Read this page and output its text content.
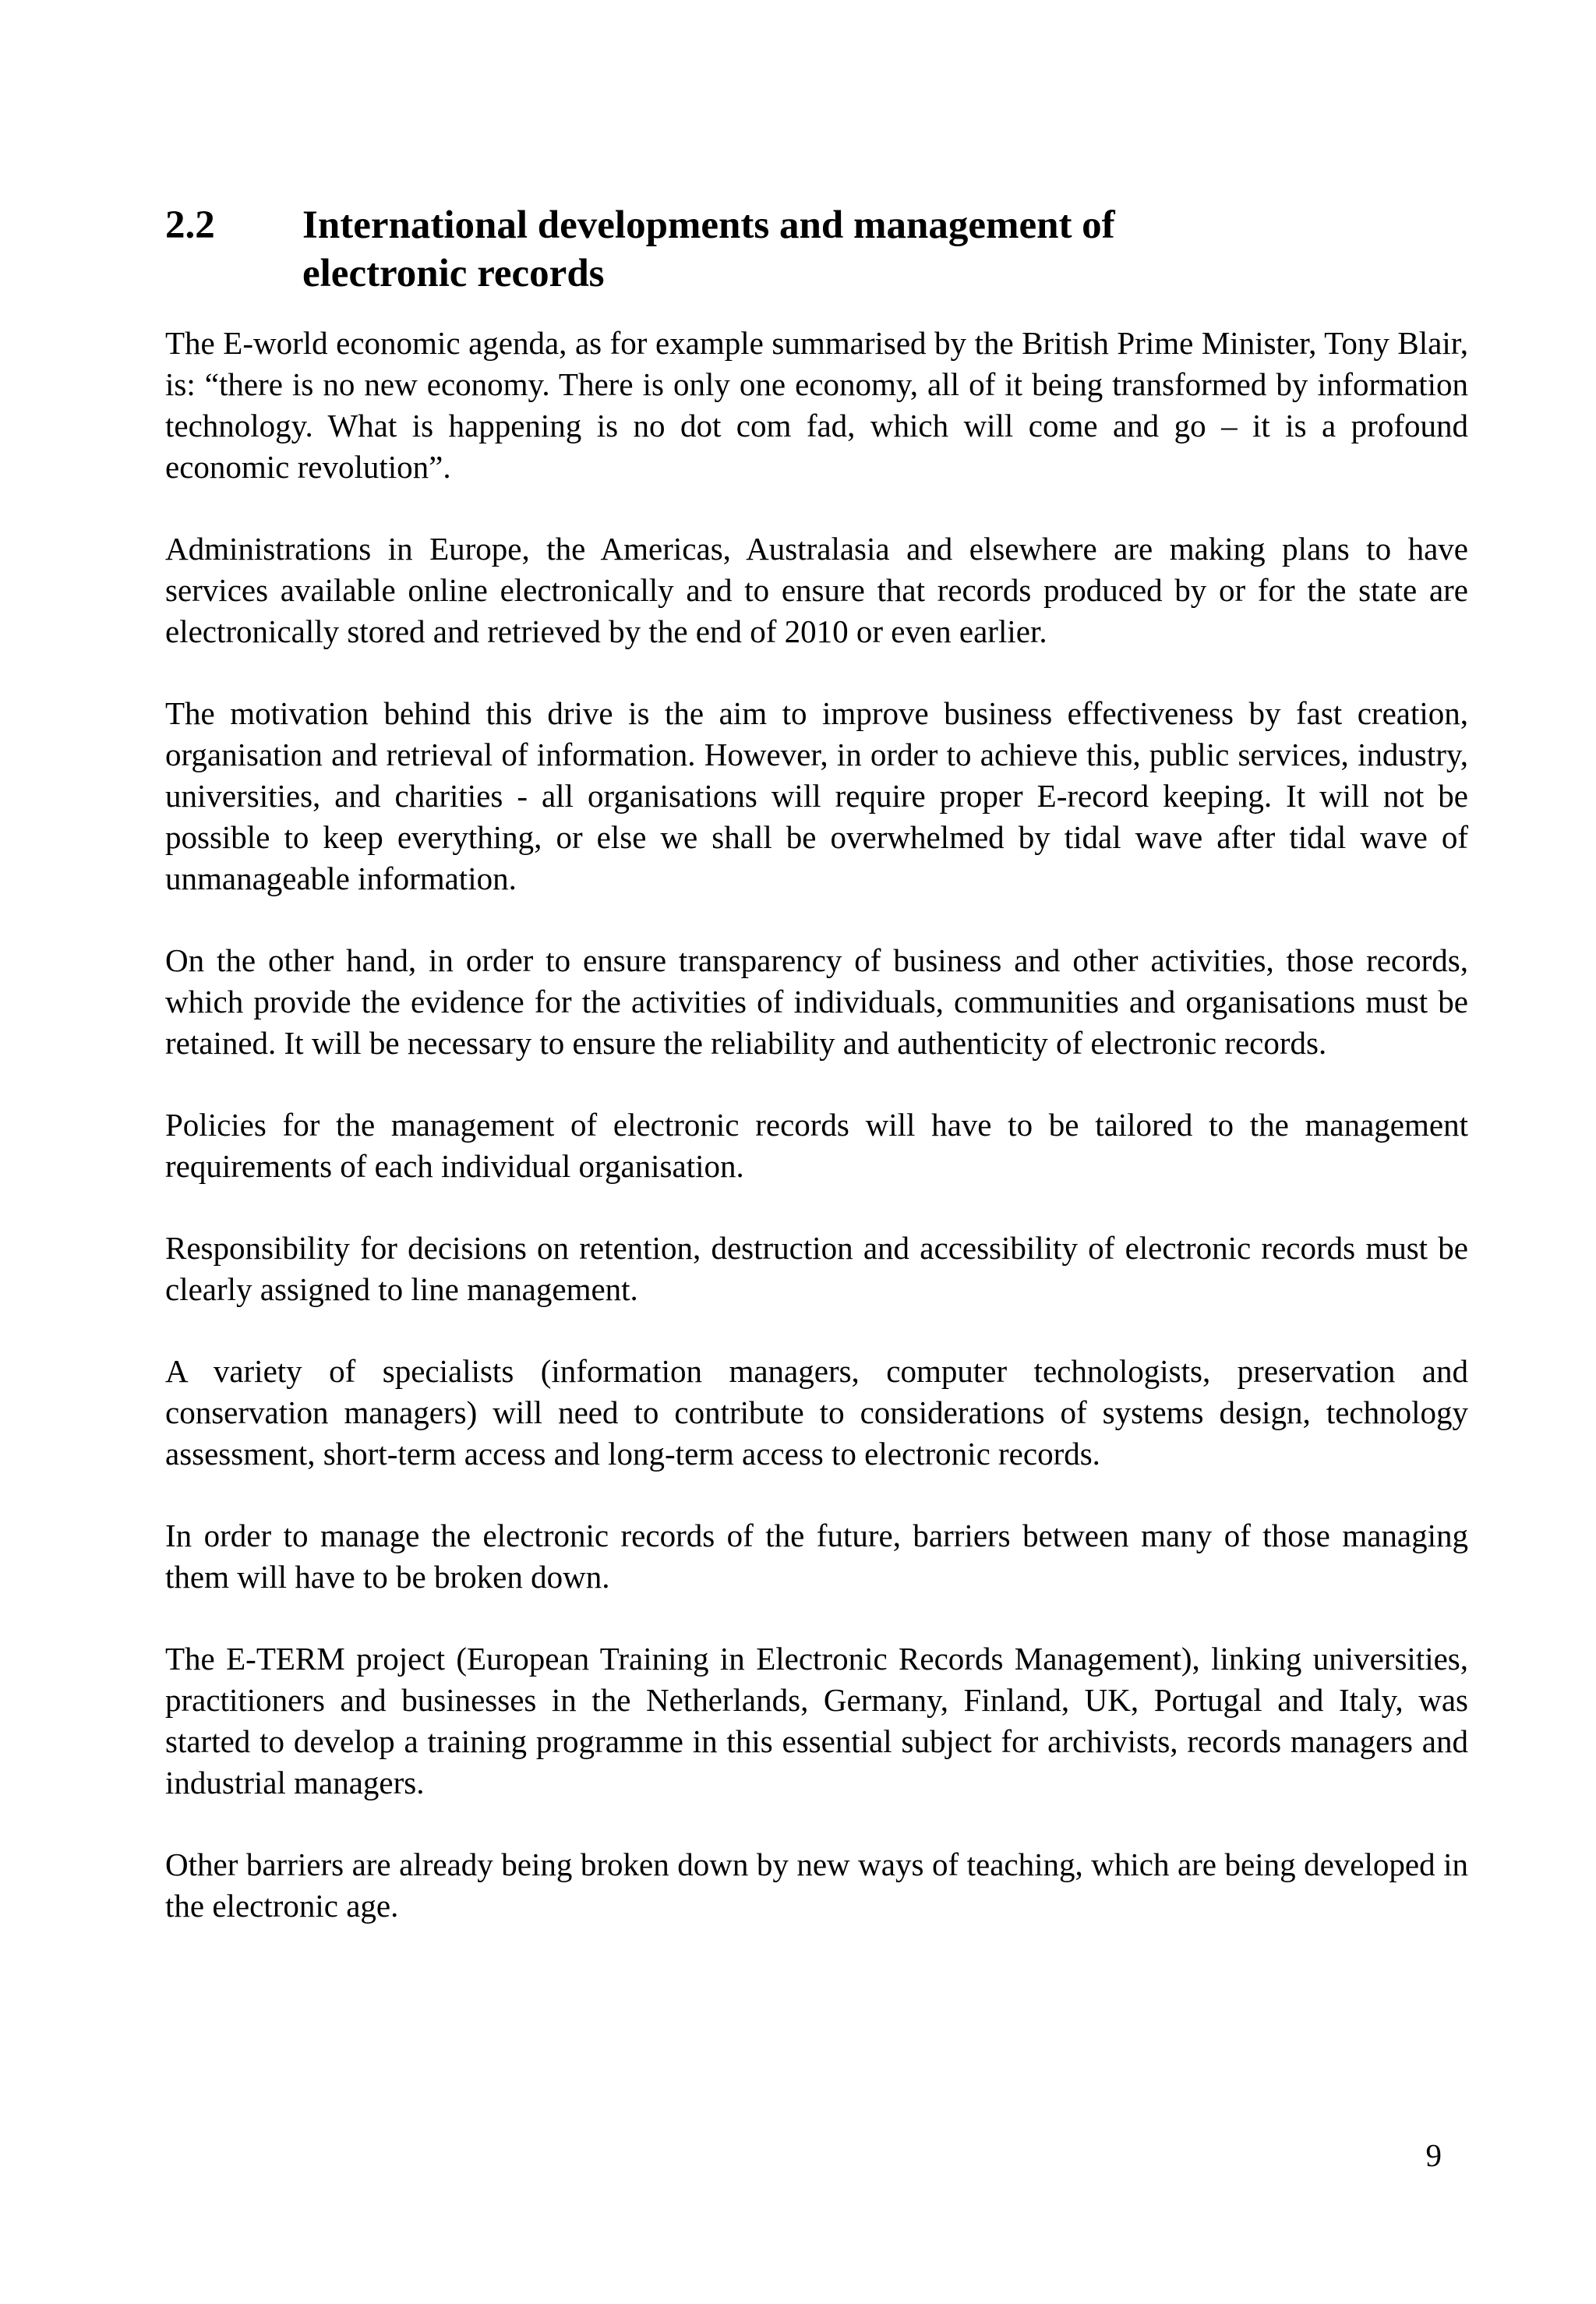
2.2	International developments and management of electronic records

The E-world economic agenda, as for example summarised by the British Prime Minister, Tony Blair, is: “there is no new economy. There is only one economy, all of it being transformed by information technology. What is happening is no dot com fad, which will come and go – it is a profound economic revolution”.

Administrations in Europe, the Americas, Australasia and elsewhere are making plans to have services available online electronically and to ensure that records produced by or for the state are electronically stored and retrieved by the end of 2010 or even earlier.

The motivation behind this drive is the aim to improve business effectiveness by fast creation, organisation and retrieval of information. However, in order to achieve this, public services, industry, universities, and charities - all organisations will require proper E-record keeping. It will not be possible to keep everything, or else we shall be overwhelmed by tidal wave after tidal wave of unmanageable information.

On the other hand, in order to ensure transparency of business and other activities, those records, which provide the evidence for the activities of individuals, communities and organisations must be retained. It will be necessary to ensure the reliability and authenticity of electronic records.

Policies for the management of electronic records will have to be tailored to the management requirements of each individual organisation.

Responsibility for decisions on retention, destruction and accessibility of electronic records must be clearly assigned to line management.

A variety of specialists (information managers, computer technologists, preservation and conservation managers) will need to contribute to considerations of systems design, technology assessment, short-term access and long-term access to electronic records.

In order to manage the electronic records of the future, barriers between many of those managing them will have to be broken down.

The E-TERM project (European Training in Electronic Records Management), linking universities, practitioners and businesses in the Netherlands, Germany, Finland, UK, Portugal and Italy, was started to develop a training programme in this essential subject for archivists, records managers and industrial managers.

Other barriers are already being broken down by new ways of teaching, which are being developed in the electronic age.

9
